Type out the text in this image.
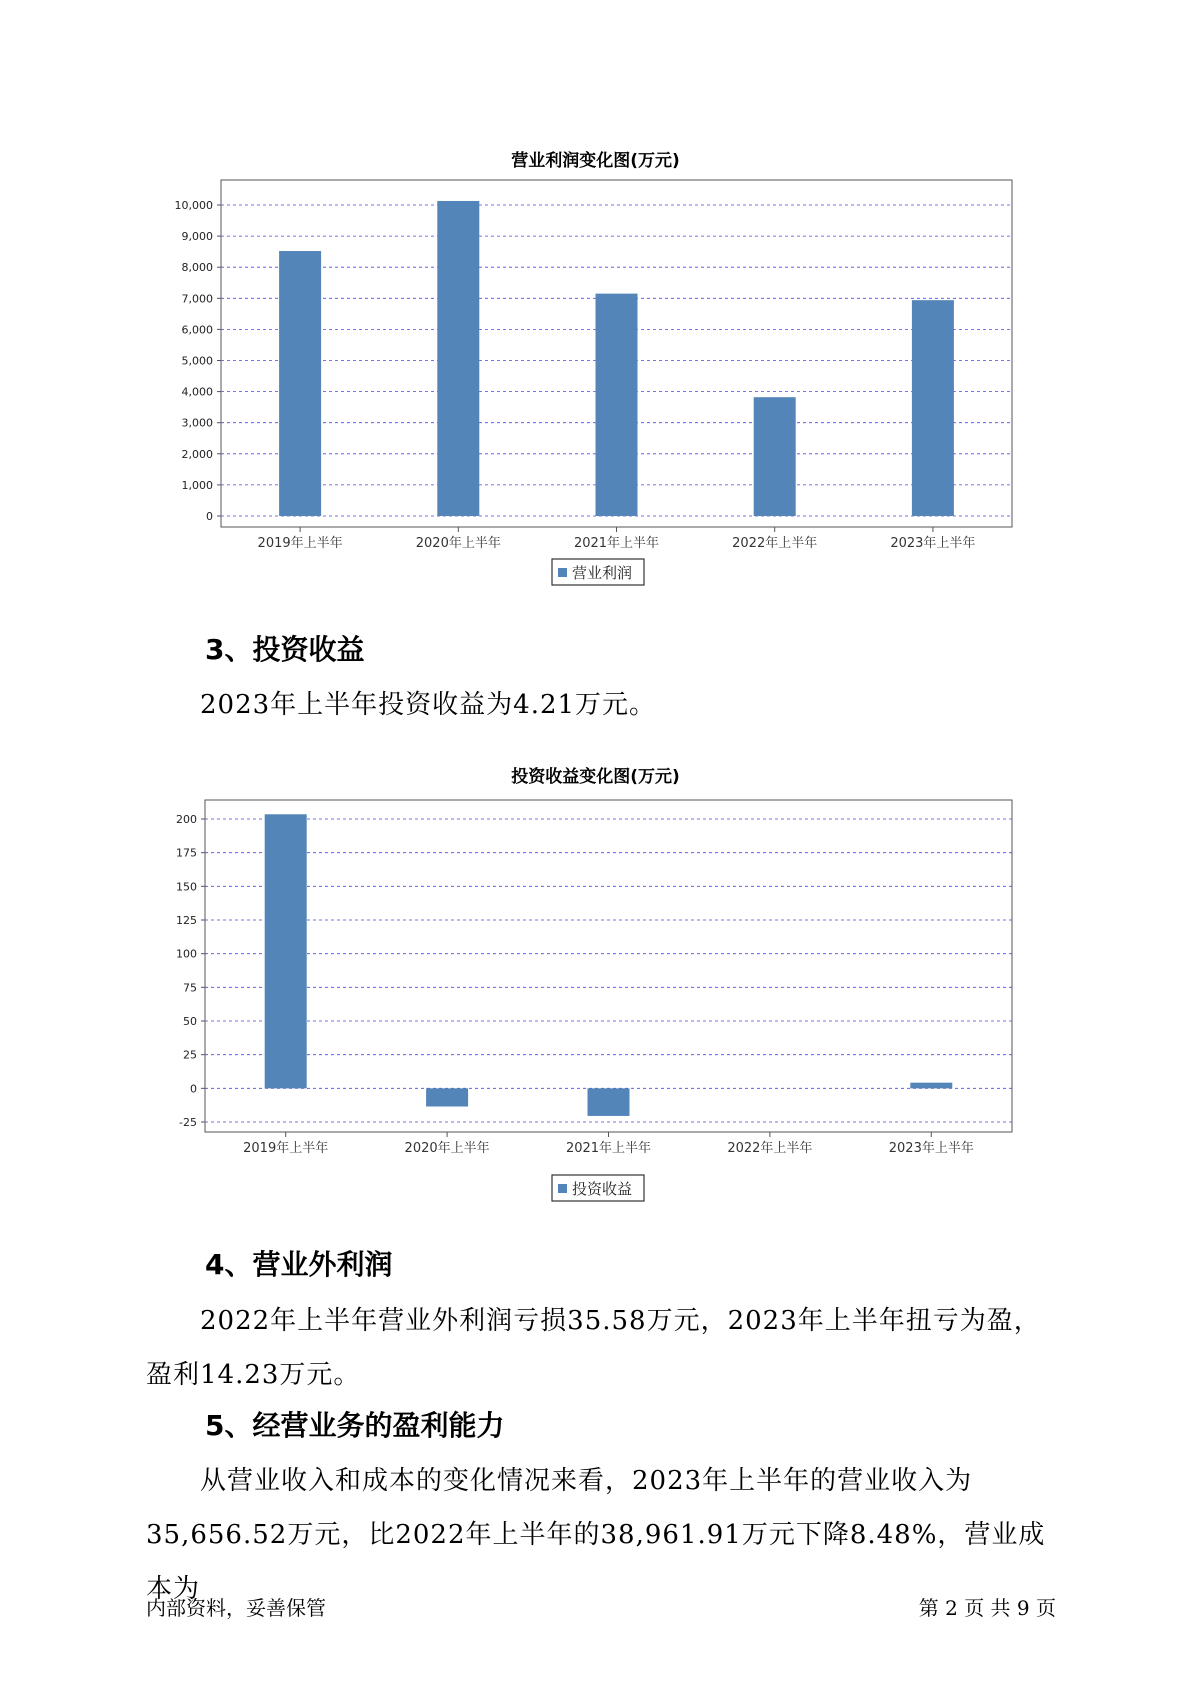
营业利润变化图(万元)
0
1,000
2,000
3,000
4,000
5,000
6,000
7,000
8,000
9,000
10,000
2019年上半年	2020年上半年	2021年上半年	2022年上半年	2023年上半年
营业利润
3、投资收益

2023年上半年投资收益为4.21万元。

投资收益变化图(万元)
-25
0
25
50
75
100
125
150
175
200
2019年上半年	2020年上半年	2021年上半年	2022年上半年	2023年上半年
投资收益
4、营业外利润

2022年上半年营业外利润亏损35.58万元，2023年上半年扭亏为盈，盈利14.23万元。

5、经营业务的盈利能力

从营业收入和成本的变化情况来看，2023年上半年的营业收入为35,656.52万元，比2022年上半年的38,961.91万元下降8.48%，营业成本为

内部资料，妥善保管	第 2 页 共 9 页
